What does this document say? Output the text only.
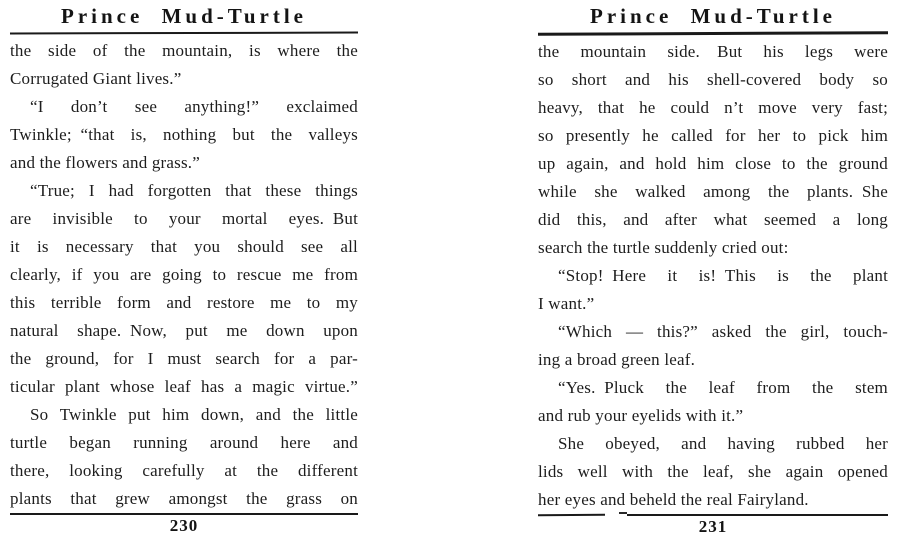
Prince Mud-Turtle
the side of the mountain, is where the
Corrugated Giant lives.”
“I don’t see anything!” exclaimed
Twinkle; “that is, nothing but the valleys
and the flowers and grass.”
“True; I had forgotten that these things
are invisible to your mortal eyes. But
it is necessary that you should see all
clearly, if you are going to rescue me from
this terrible form and restore me to my
natural shape. Now, put me down upon
the ground, for I must search for a par-
ticular plant whose leaf has a magic virtue.”
So Twinkle put him down, and the little
turtle began running around here and
there, looking carefully at the different
plants that grew amongst the grass on
230
Prince Mud-Turtle
the mountain side. But his legs were
so short and his shell-covered body so
heavy, that he could n’t move very fast;
so presently he called for her to pick him
up again, and hold him close to the ground
while she walked among the plants. She
did this, and after what seemed a long
search the turtle suddenly cried out:
“Stop! Here it is! This is the plant
I want.”
“Which — this?” asked the girl, touch-
ing a broad green leaf.
“Yes. Pluck the leaf from the stem
and rub your eyelids with it.”
She obeyed, and having rubbed her
lids well with the leaf, she again opened
her eyes and beheld the real Fairyland.
231
